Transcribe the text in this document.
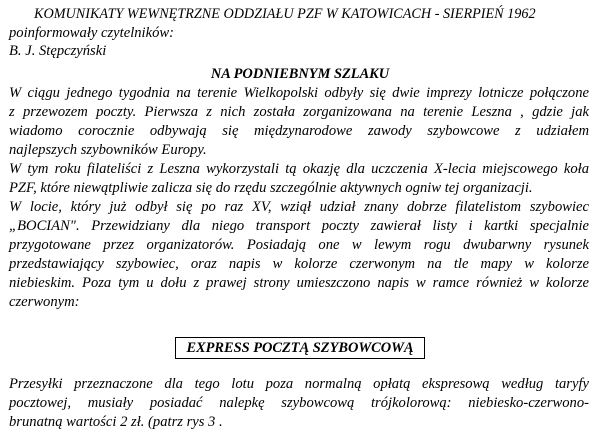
KOMUNIKATY WEWNĘTRZNE ODDZIAŁU PZF W KATOWICACH - SIERPIEŃ 1962

poinformowały czytelników:

B. J. Stępczyński

NA PODNIEBNYM SZLAKU

W ciągu jednego tygodnia na terenie Wielkopolski odbyły się dwie imprezy lotnicze połączone

z przewozem poczty. Pierwsza z nich została zorganizowana na terenie Leszna , gdzie jak

wiadomo corocznie odbywają się międzynarodowe zawody szybowcowe z udziałem

najlepszych szybowników Europy.

W tym roku filateliści z Leszna wykorzystali tą okazję dla uczczenia X-lecia miejscowego koła

PZF, które niewątpliwie zalicza się do rzędu szczególnie aktywnych ogniw tej organizacji.

W locie, który już odbył się po raz XV, wziął udział znany dobrze filatelistom szybowiec

„BOCIAN". Przewidziany dla niego transport poczty zawierał listy i kartki specjalnie

przygotowane przez organizatorów. Posiadają one w lewym rogu dwubarwny rysunek

przedstawiający szybowiec, oraz napis w kolorze czerwonym na tle mapy w kolorze

niebieskim. Poza tym u dołu z prawej strony umieszczono napis w ramce również w kolorze

czerwonym:

EXPRESS POCZTĄ SZYBOWCOWĄ

Przesyłki przeznaczone dla tego lotu poza normalną opłatą ekspresową według taryfy

pocztowej, musiały posiadać nalepkę szybowcową trójkolorową: niebiesko-czerwono-

brunatną wartości 2 zł. (patrz rys 3 .
